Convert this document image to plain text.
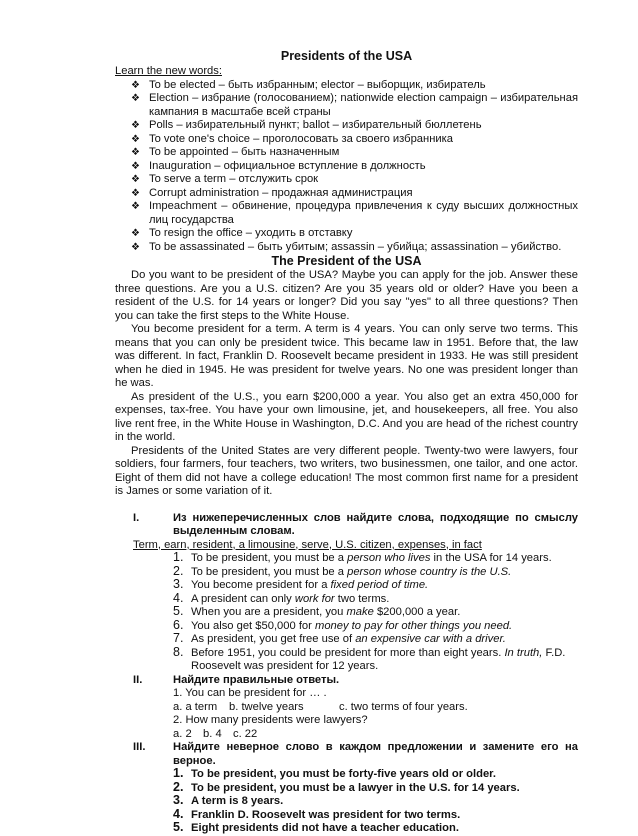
Presidents of the USA
Learn the new words:
❖ To be elected – быть избранным; elector – выборщик, избиратель
❖ Election – избрание (голосованием); nationwide election campaign – избирательная кампания в масштабе всей страны
❖ Polls – избирательный пункт; ballot – избирательный бюллетень
❖ To vote one's choice – проголосовать за своего избранника
❖ To be appointed – быть назначенным
❖ Inauguration – официальное вступление в должность
❖ To serve a term – отслужить срок
❖ Corrupt administration – продажная администрация
❖ Impeachment – обвинение, процедура привлечения к суду высших должностных лиц государства
❖ To resign the office – уходить в отставку
❖ To be assassinated – быть убитым; assassin – убийца; assassination – убийство.
The President of the USA

Do you want to be president of the USA? Maybe you can apply for the job. Answer these three questions. Are you a U.S. citizen? Are you 35 years old or older? Have you been a resident of the U.S. for 14 years or longer? Did you say "yes" to all three questions? Then you can take the first steps to the White House.

You become president for a term. A term is 4 years. You can only serve two terms. This means that you can only be president twice. This became law in 1951. Before that, the law was different. In fact, Franklin D. Roosevelt became president in 1933. He was still president when he died in 1945. He was president for twelve years. No one was president longer than he was.

As president of the U.S., you earn $200,000 a year. You also get an extra 450,000 for expenses, tax-free. You have your own limousine, jet, and housekeepers, all free. You also live rent free, in the White House in Washington, D.C. And you are head of the richest country in the world.

Presidents of the United States are very different people. Twenty-two were lawyers, four soldiers, four farmers, four teachers, two writers, two businessmen, one tailor, and one actor. Eight of them did not have a college education! The most common first name for a president is James or some variation of it.

I.	Из нижеперечисленных слов найдите слова, подходящие по смыслу выделенным словам.
Term, earn, resident, a limousine, serve, U.S. citizen, expenses, in fact
1. To be president, you must be a person who lives in the USA for 14 years.
2. To be president, you must be a person whose country is the U.S.
3. You become president for a fixed period of time.
4. A president can only work for two terms.
5. When you are a president, you make $200,000 a year.
6. You also get $50,000 for money to pay for other things you need.
7. As president, you get free use of an expensive car with a driver.
8. Before 1951, you could be president for more than eight years. In truth, F.D. Roosevelt was president for 12 years.
II.	Найдите правильные ответы.
1. You can be president for … .
a. a term b. twelve years	c. two terms of four years.
2. How many presidents were lawyers?
a. 2 b. 4 c. 22
III. Найдите неверное слово в каждом предложении и замените его на верное.
1. To be president, you must be forty-five years old or older.
2. To be president, you must be a lawyer in the U.S. for 14 years.
3. A term is 8 years.
4. Franklin D. Roosevelt was president for two terms.
5. Eight presidents did not have a teacher education.
